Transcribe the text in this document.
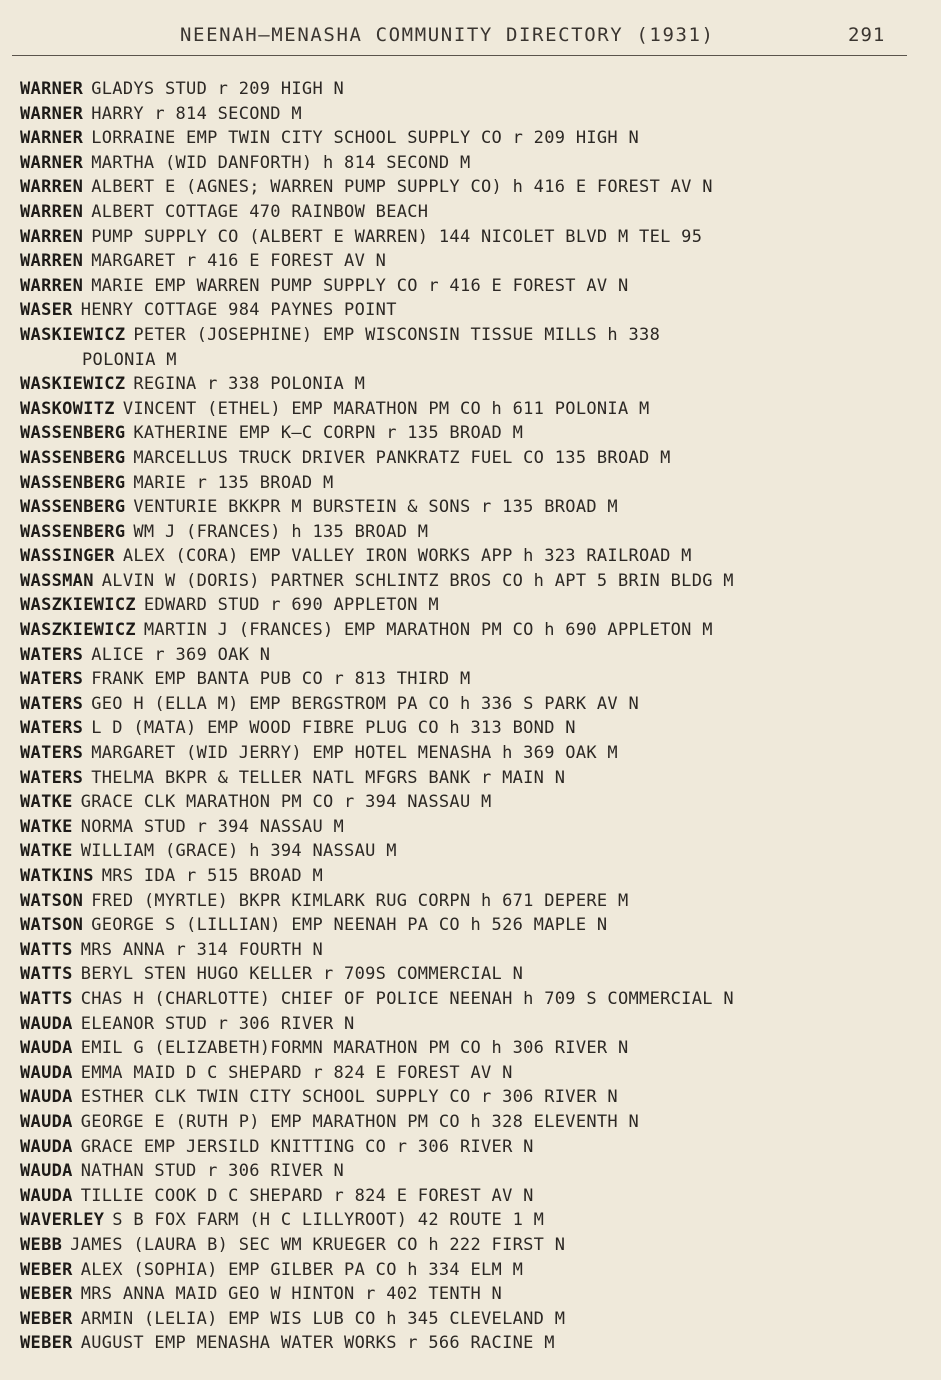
NEENAH—MENASHA COMMUNITY DIRECTORY (1931)	291
WARNER GLADYS STUD r 209 HIGH N
WARNER HARRY r 814 SECOND M
WARNER LORRAINE EMP TWIN CITY SCHOOL SUPPLY CO r 209 HIGH N
WARNER MARTHA (WID DANFORTH) h 814 SECOND M
WARREN ALBERT E (AGNES; WARREN PUMP SUPPLY CO) h 416 E FOREST AV N
WARREN ALBERT COTTAGE 470 RAINBOW BEACH
WARREN PUMP SUPPLY CO (ALBERT E WARREN) 144 NICOLET BLVD M TEL 95
WARREN MARGARET r 416 E FOREST AV N
WARREN MARIE EMP WARREN PUMP SUPPLY CO r 416 E FOREST AV N
WASER HENRY COTTAGE 984 PAYNES POINT
WASKIEWICZ PETER (JOSEPHINE) EMP WISCONSIN TISSUE MILLS h 338
POLONIA M
WASKIEWICZ REGINA r 338 POLONIA M
WASKOWITZ VINCENT (ETHEL) EMP MARATHON PM CO h 611 POLONIA M
WASSENBERG KATHERINE EMP K—C CORPN r 135 BROAD M
WASSENBERG MARCELLUS TRUCK DRIVER PANKRATZ FUEL CO 135 BROAD M
WASSENBERG MARIE r 135 BROAD M
WASSENBERG VENTURIE BKKPR M BURSTEIN & SONS r 135 BROAD M
WASSENBERG WM J (FRANCES) h 135 BROAD M
WASSINGER ALEX (CORA) EMP VALLEY IRON WORKS APP h 323 RAILROAD M
WASSMAN ALVIN W (DORIS) PARTNER SCHLINTZ BROS CO h APT 5 BRIN BLDG M
WASZKIEWICZ EDWARD STUD r 690 APPLETON M
WASZKIEWICZ MARTIN J (FRANCES) EMP MARATHON PM CO h 690 APPLETON M
WATERS ALICE r 369 OAK N
WATERS FRANK EMP BANTA PUB CO r 813 THIRD M
WATERS GEO H (ELLA M) EMP BERGSTROM PA CO h 336 S PARK AV N
WATERS L D (MATA) EMP WOOD FIBRE PLUG CO h 313 BOND N
WATERS MARGARET (WID JERRY) EMP HOTEL MENASHA h 369 OAK M
WATERS THELMA BKPR & TELLER NATL MFGRS BANK r MAIN N
WATKE GRACE CLK MARATHON PM CO r 394 NASSAU M
WATKE NORMA STUD r 394 NASSAU M
WATKE WILLIAM (GRACE) h 394 NASSAU M
WATKINS MRS IDA r 515 BROAD M
WATSON FRED (MYRTLE) BKPR KIMLARK RUG CORPN h 671 DEPERE M
WATSON GEORGE S (LILLIAN) EMP NEENAH PA CO h 526 MAPLE N
WATTS MRS ANNA r 314 FOURTH N
WATTS BERYL STEN HUGO KELLER r 709S COMMERCIAL N
WATTS CHAS H (CHARLOTTE) CHIEF OF POLICE NEENAH h 709 S COMMERCIAL N
WAUDA ELEANOR STUD r 306 RIVER N
WAUDA EMIL G (ELIZABETH)FORMN MARATHON PM CO h 306 RIVER N
WAUDA EMMA MAID D C SHEPARD r 824 E FOREST AV N
WAUDA ESTHER CLK TWIN CITY SCHOOL SUPPLY CO r 306 RIVER N
WAUDA GEORGE E (RUTH P) EMP MARATHON PM CO h 328 ELEVENTH N
WAUDA GRACE EMP JERSILD KNITTING CO r 306 RIVER N
WAUDA NATHAN STUD r 306 RIVER N
WAUDA TILLIE COOK D C SHEPARD r 824 E FOREST AV N
WAVERLEY S B FOX FARM (H C LILLYROOT) 42 ROUTE 1 M
WEBB JAMES (LAURA B) SEC WM KRUEGER CO h 222 FIRST N
WEBER ALEX (SOPHIA) EMP GILBER PA CO h 334 ELM M
WEBER MRS ANNA MAID GEO W HINTON r 402 TENTH N
WEBER ARMIN (LELIA) EMP WIS LUB CO h 345 CLEVELAND M
WEBER AUGUST EMP MENASHA WATER WORKS r 566 RACINE M
